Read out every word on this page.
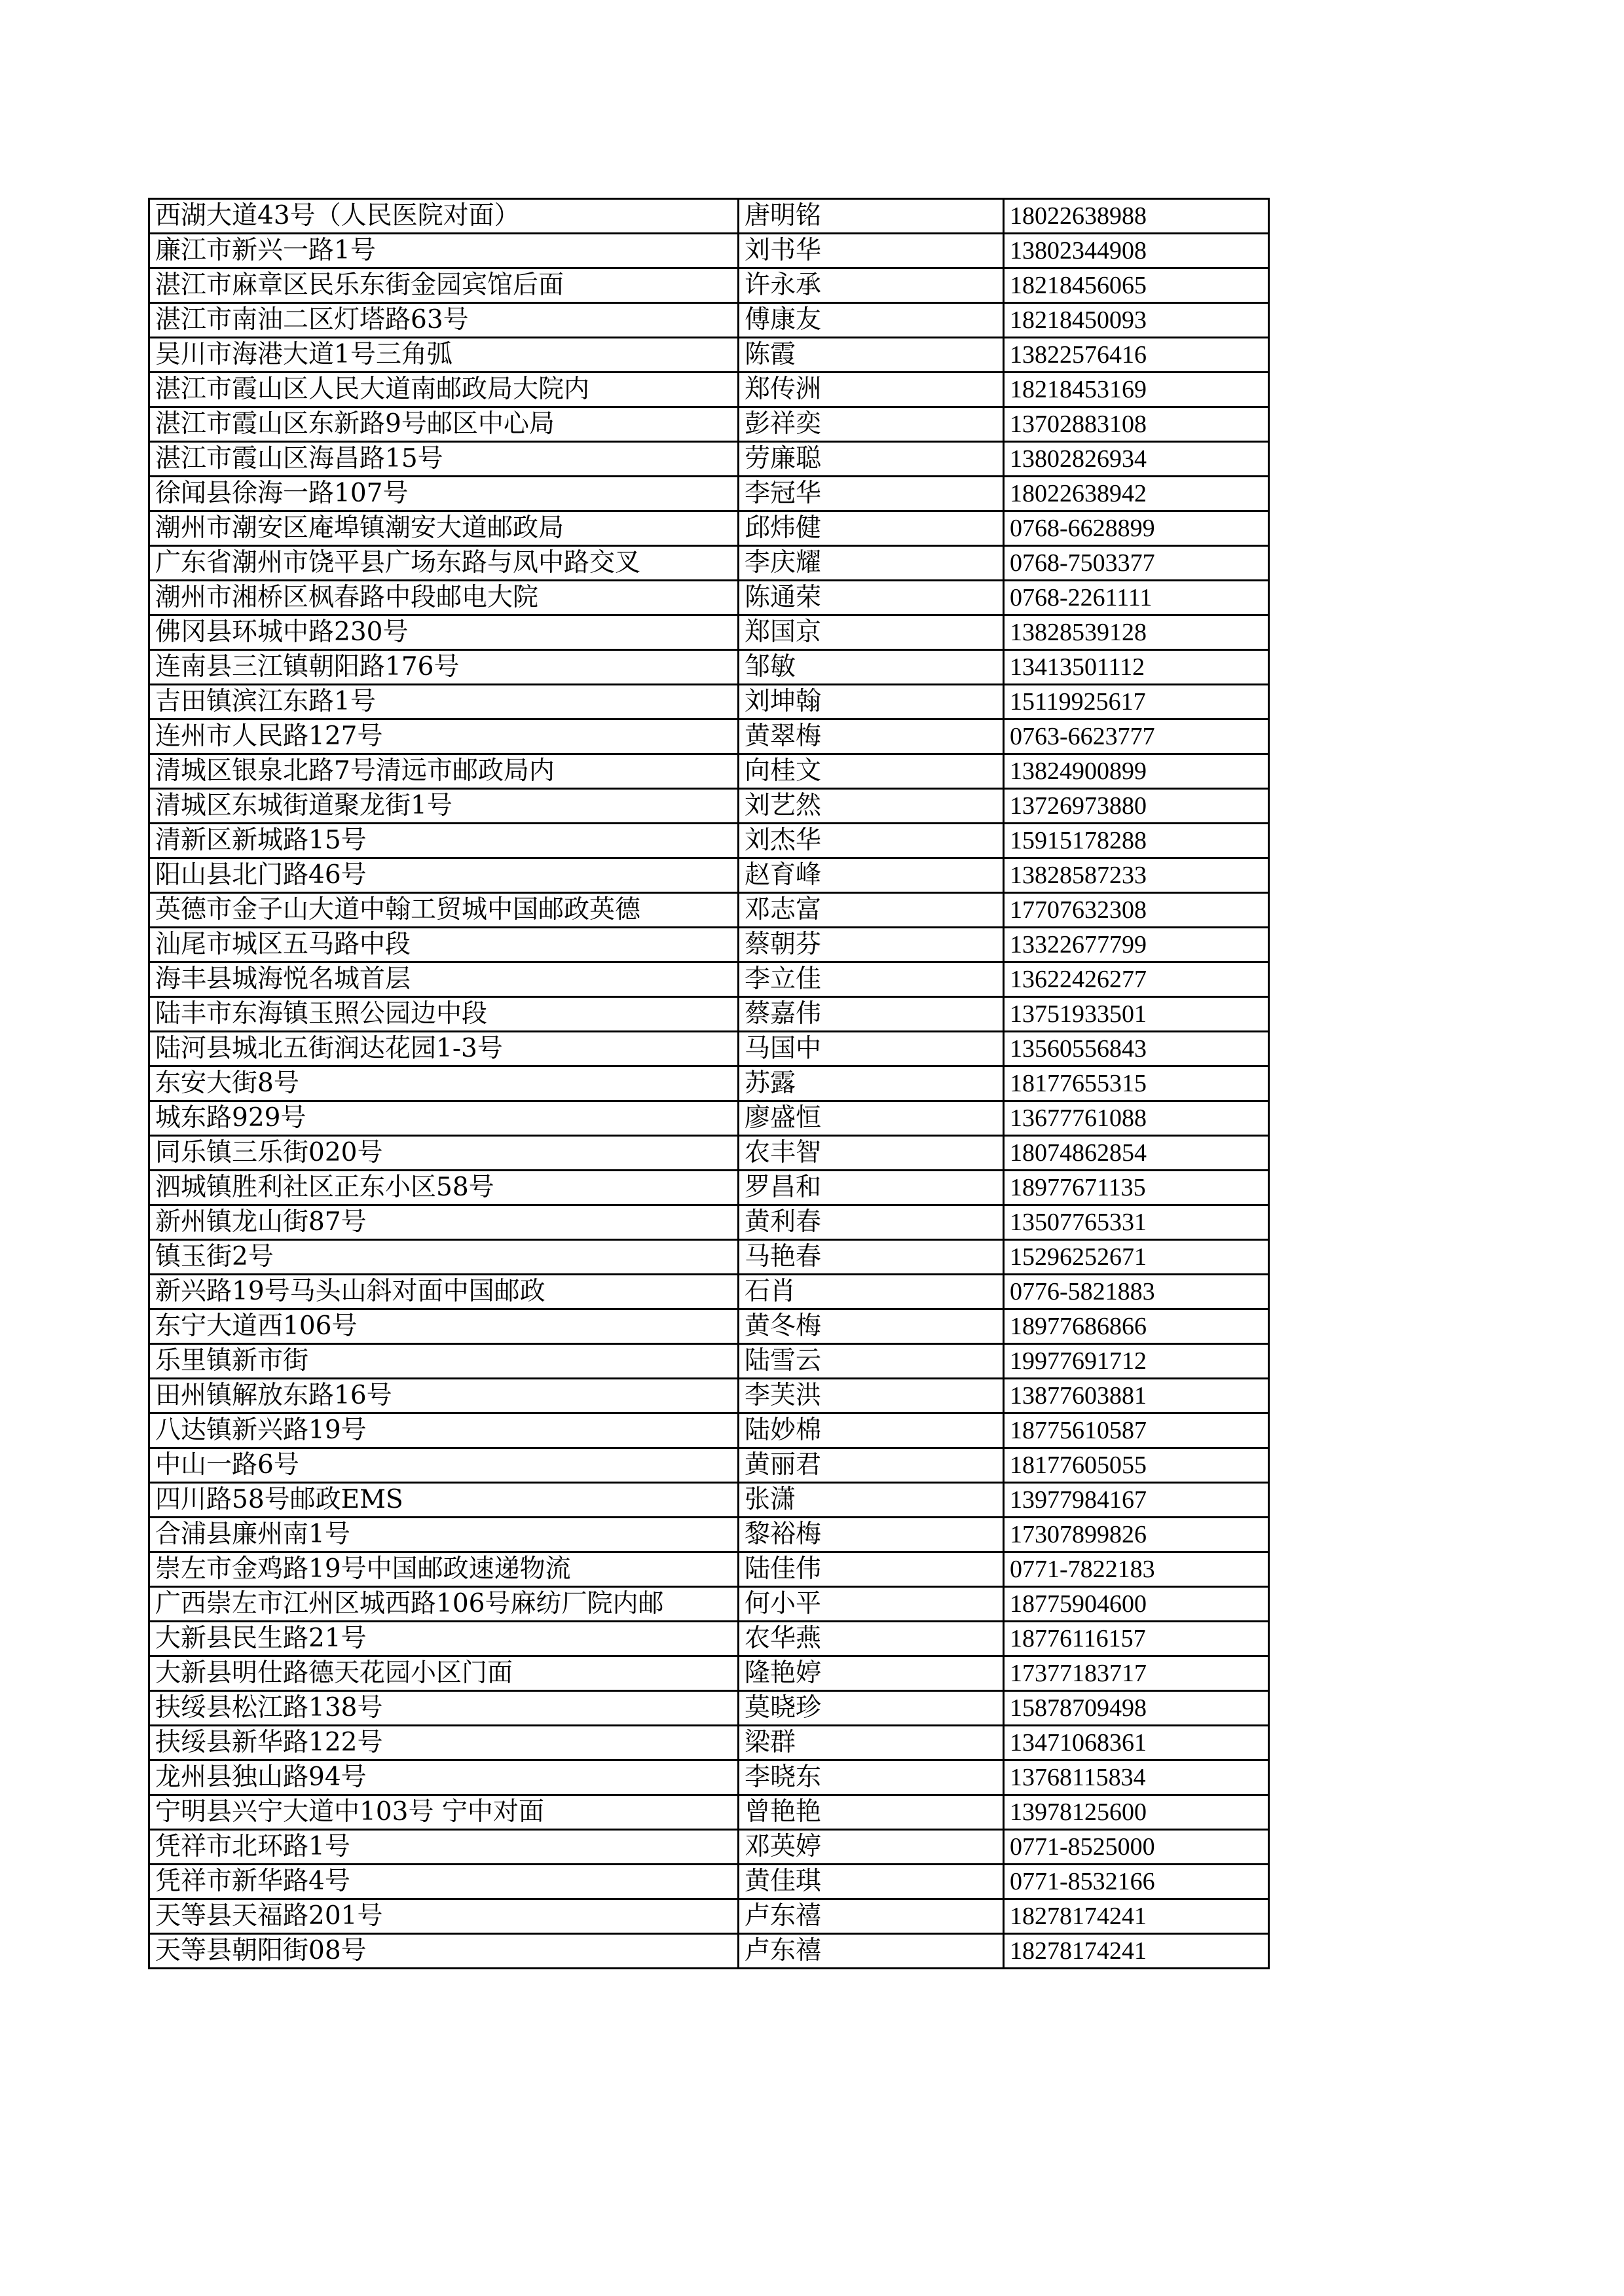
西湖大道43号（人民医院对面）	唐明铭	18022638988
廉江市新兴一路1号	刘书华	13802344908
湛江市麻章区民乐东街金园宾馆后面	许永承	18218456065
湛江市南油二区灯塔路63号	傅康友	18218450093
吴川市海港大道1号三角弧	陈霞	13822576416
湛江市霞山区人民大道南邮政局大院内	郑传洲	18218453169
湛江市霞山区东新路9号邮区中心局	彭祥奕	13702883108
湛江市霞山区海昌路15号	劳廉聪	13802826934
徐闻县徐海一路107号	李冠华	18022638942
潮州市潮安区庵埠镇潮安大道邮政局	邱炜健	0768-6628899
广东省潮州市饶平县广场东路与凤中路交叉	李庆耀	0768-7503377
潮州市湘桥区枫春路中段邮电大院	陈通荣	0768-2261111
佛冈县环城中路230号	郑国京	13828539128
连南县三江镇朝阳路176号	邹敏	13413501112
吉田镇滨江东路1号	刘坤翰	15119925617
连州市人民路127号	黄翠梅	0763-6623777
清城区银泉北路7号清远市邮政局内	向桂文	13824900899
清城区东城街道聚龙街1号	刘艺然	13726973880
清新区新城路15号	刘杰华	15915178288
阳山县北门路46号	赵育峰	13828587233
英德市金子山大道中翰工贸城中国邮政英德	邓志富	17707632308
汕尾市城区五马路中段	蔡朝芬	13322677799
海丰县城海悦名城首层	李立佳	13622426277
陆丰市东海镇玉照公园边中段	蔡嘉伟	13751933501
陆河县城北五街润达花园1-3号	马国中	13560556843
东安大街8号	苏露	18177655315
城东路929号	廖盛恒	13677761088
同乐镇三乐街020号	农丰智	18074862854
泗城镇胜利社区正东小区58号	罗昌和	18977671135
新州镇龙山街87号	黄利春	13507765331
镇玉街2号	马艳春	15296252671
新兴路19号马头山斜对面中国邮政	石肖	0776-5821883
东宁大道西106号	黄冬梅	18977686866
乐里镇新市街	陆雪云	19977691712
田州镇解放东路16号	李芙洪	13877603881
八达镇新兴路19号	陆妙棉	18775610587
中山一路6号	黄丽君	18177605055
四川路58号邮政EMS	张潇	13977984167
合浦县廉州南1号	黎裕梅	17307899826
崇左市金鸡路19号中国邮政速递物流	陆佳伟	0771-7822183
广西崇左市江州区城西路106号麻纺厂院内邮	何小平	18775904600
大新县民生路21号	农华燕	18776116157
大新县明仕路德天花园小区门面	隆艳婷	17377183717
扶绥县松江路138号	莫晓珍	15878709498
扶绥县新华路122号	梁群	13471068361
龙州县独山路94号	李晓东	13768115834
宁明县兴宁大道中103号 宁中对面	曾艳艳	13978125600
凭祥市北环路1号	邓英婷	0771-8525000
凭祥市新华路4号	黄佳琪	0771-8532166
天等县天福路201号	卢东禧	18278174241
天等县朝阳街08号	卢东禧	18278174241
